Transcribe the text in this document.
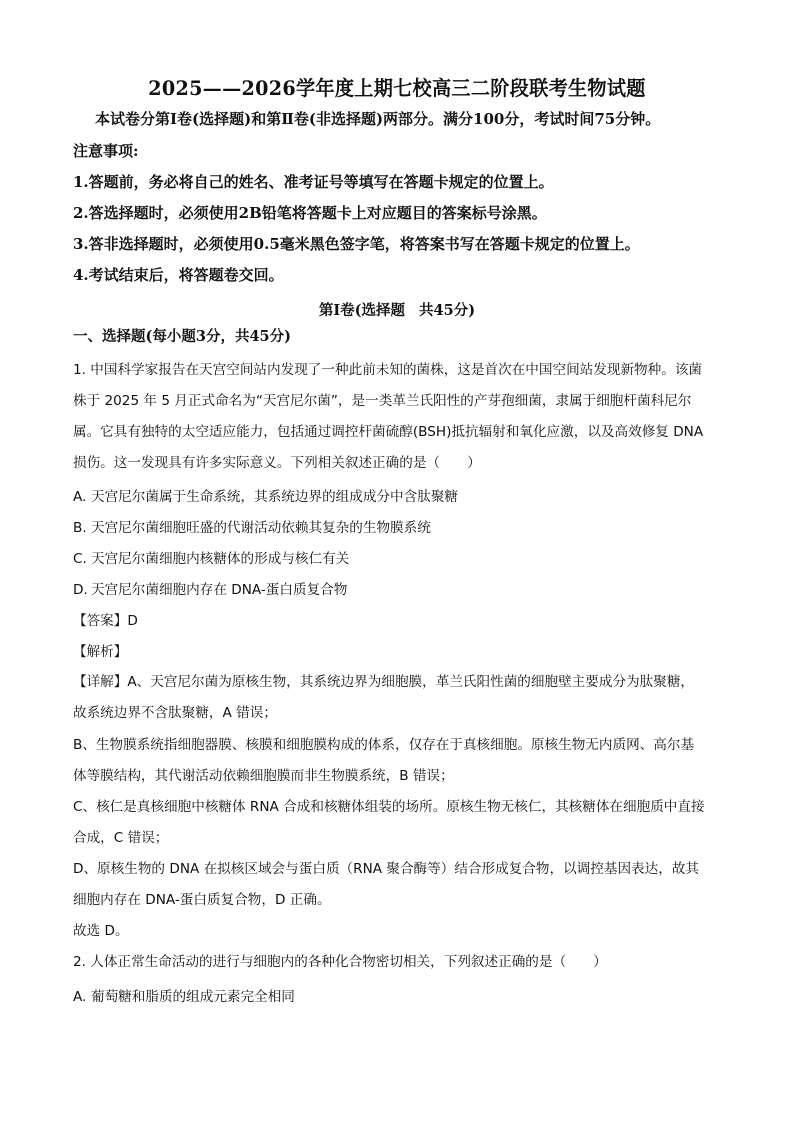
2025——2026学年度上期七校高三二阶段联考生物试题
本试卷分第Ⅰ卷(选择题)和第Ⅱ卷(非选择题)两部分。满分100分，考试时间75分钟。
注意事项:
1.答题前，务必将自己的姓名、准考证号等填写在答题卡规定的位置上。
2.答选择题时，必须使用2B铅笔将答题卡上对应题目的答案标号涂黑。
3.答非选择题时，必须使用0.5毫米黑色签字笔，将答案书写在答题卡规定的位置上。
4.考试结束后，将答题卷交回。
第Ⅰ卷(选择题 共45分)
一、选择题(每小题3分，共45分)
1. 中国科学家报告在天宫空间站内发现了一种此前未知的菌株，这是首次在中国空间站发现新物种。该菌
株于 2025 年 5 月正式命名为“天宫尼尔菌”，是一类革兰氏阳性的产芽孢细菌，隶属于细胞杆菌科尼尔
属。它具有独特的太空适应能力，包括通过调控杆菌硫醇(BSH)抵抗辐射和氧化应激，以及高效修复 DNA
损伤。这一发现具有许多实际意义。下列相关叙述正确的是（　　）
A. 天宫尼尔菌属于生命系统，其系统边界的组成成分中含肽聚糖
B. 天宫尼尔菌细胞旺盛的代谢活动依赖其复杂的生物膜系统
C. 天宫尼尔菌细胞内核糖体的形成与核仁有关
D. 天宫尼尔菌细胞内存在 DNA-蛋白质复合物
【答案】D
【解析】
【详解】A、天宫尼尔菌为原核生物，其系统边界为细胞膜，革兰氏阳性菌的细胞壁主要成分为肽聚糖，
故系统边界不含肽聚糖，A 错误；
B、生物膜系统指细胞器膜、核膜和细胞膜构成的体系，仅存在于真核细胞。原核生物无内质网、高尔基
体等膜结构，其代谢活动依赖细胞膜而非生物膜系统，B 错误；
C、核仁是真核细胞中核糖体 RNA 合成和核糖体组装的场所。原核生物无核仁，其核糖体在细胞质中直接
合成，C 错误；
D、原核生物的 DNA 在拟核区域会与蛋白质（RNA 聚合酶等）结合形成复合物，以调控基因表达，故其
细胞内存在 DNA-蛋白质复合物，D 正确。
故选 D。
2. 人体正常生命活动的进行与细胞内的各种化合物密切相关，下列叙述正确的是（　　）
A. 葡萄糖和脂质的组成元素完全相同
